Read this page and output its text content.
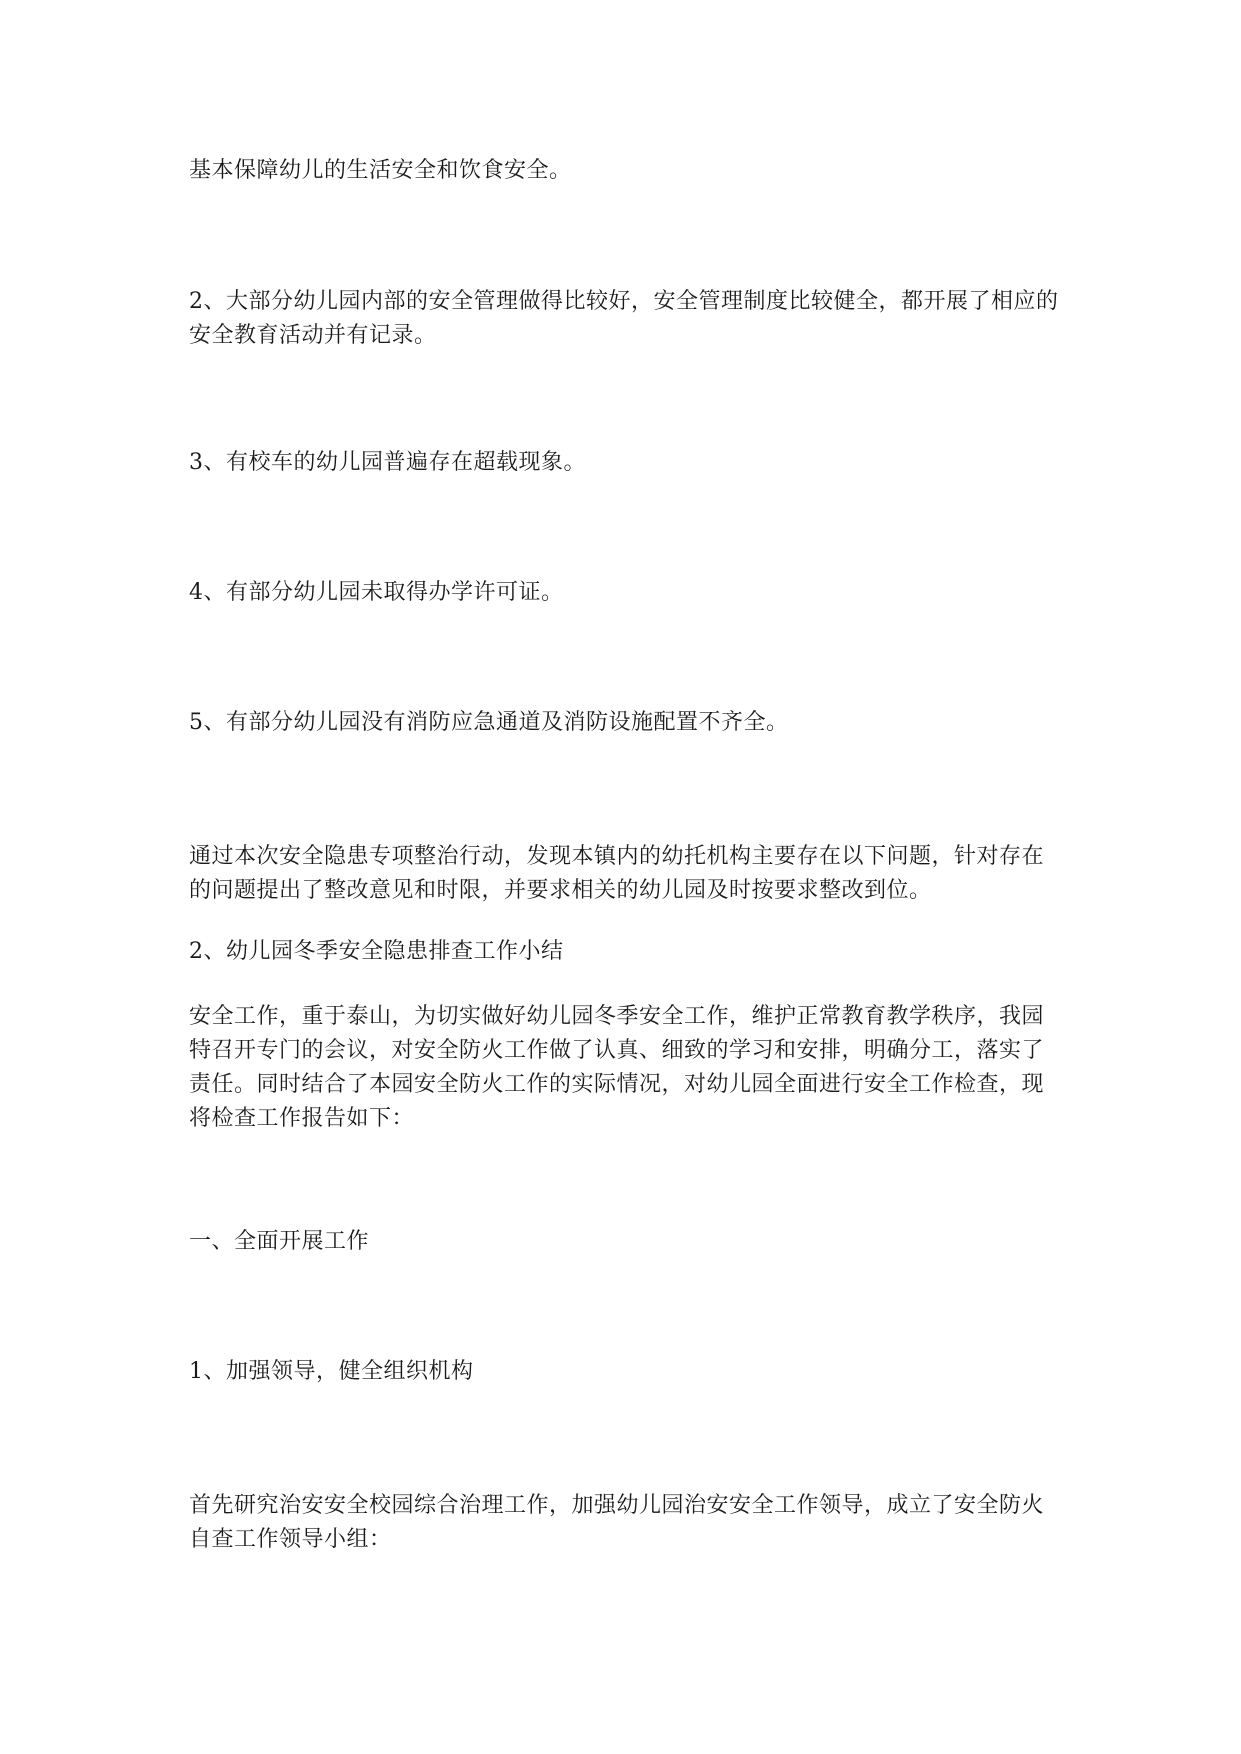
基本保障幼儿的生活安全和饮食安全。

2、大部分幼儿园内部的安全管理做得比较好，安全管理制度比较健全，都开展了相应的安全教育活动并有记录。

3、有校车的幼儿园普遍存在超载现象。

4、有部分幼儿园未取得办学许可证。

5、有部分幼儿园没有消防应急通道及消防设施配置不齐全。

通过本次安全隐患专项整治行动，发现本镇内的幼托机构主要存在以下问题，针对存在的问题提出了整改意见和时限，并要求相关的幼儿园及时按要求整改到位。

2、幼儿园冬季安全隐患排查工作小结

安全工作，重于泰山，为切实做好幼儿园冬季安全工作，维护正常教育教学秩序，我园特召开专门的会议，对安全防火工作做了认真、细致的学习和安排，明确分工，落实了责任。同时结合了本园安全防火工作的实际情况，对幼儿园全面进行安全工作检查，现将检查工作报告如下：

一、全面开展工作

1、加强领导，健全组织机构

首先研究治安安全校园综合治理工作，加强幼儿园治安安全工作领导，成立了安全防火自查工作领导小组：
